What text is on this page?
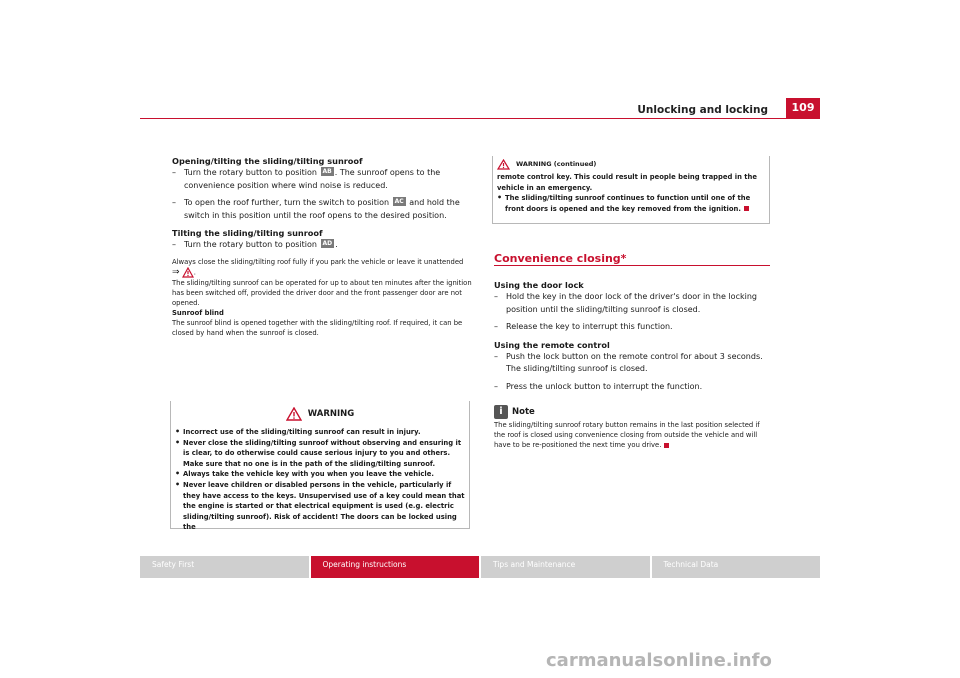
Unlocking and locking	109

Opening/tilting the sliding/tilting sunroof

– Turn the rotary button to position AB . The sunroof opens to the convenience position where wind noise is reduced.

– To open the roof further, turn the switch to position AC and hold the switch in this position until the roof opens to the desired position.

Tilting the sliding/tilting sunroof

– Turn the rotary button to position AD .

Always close the sliding/tilting roof fully if you park the vehicle or leave it unattended ⇒ .

The sliding/tilting sunroof can be operated for up to about ten minutes after the ignition has been switched off, provided the driver door and the front passenger door are not opened.

Sunroof blind

The sunroof blind is opened together with the sliding/tilting roof. If required, it can be closed by hand when the sunroof is closed.

WARNING

• Incorrect use of the sliding/tilting sunroof can result in injury.

• Never close the sliding/tilting sunroof without observing and ensuring it is clear, to do otherwise could cause serious injury to you and others. Make sure that no one is in the path of the sliding/tilting sunroof.

• Always take the vehicle key with you when you leave the vehicle.

• Never leave children or disabled persons in the vehicle, particularly if they have access to the keys. Unsupervised use of a key could mean that the engine is started or that electrical equipment is used (e.g. electric sliding/tilting sunroof). Risk of accident! The doors can be locked using the

WARNING (continued)

remote control key. This could result in people being trapped in the vehicle in an emergency.

• The sliding/tilting sunroof continues to function until one of the front doors is opened and the key removed from the ignition.

Convenience closing*

Using the door lock

– Hold the key in the door lock of the driver's door in the locking position until the sliding/tilting sunroof is closed.

– Release the key to interrupt this function.

Using the remote control

– Push the lock button on the remote control for about 3 seconds. The sliding/tilting sunroof is closed.

– Press the unlock button to interrupt the function.

i	Note

The sliding/tilting sunroof rotary button remains in the last position selected if the roof is closed using convenience closing from outside the vehicle and will have to be re-positioned the next time you drive.

Safety First	Operating instructions	Tips and Maintenance	Technical Data
carmanualsonline.info
